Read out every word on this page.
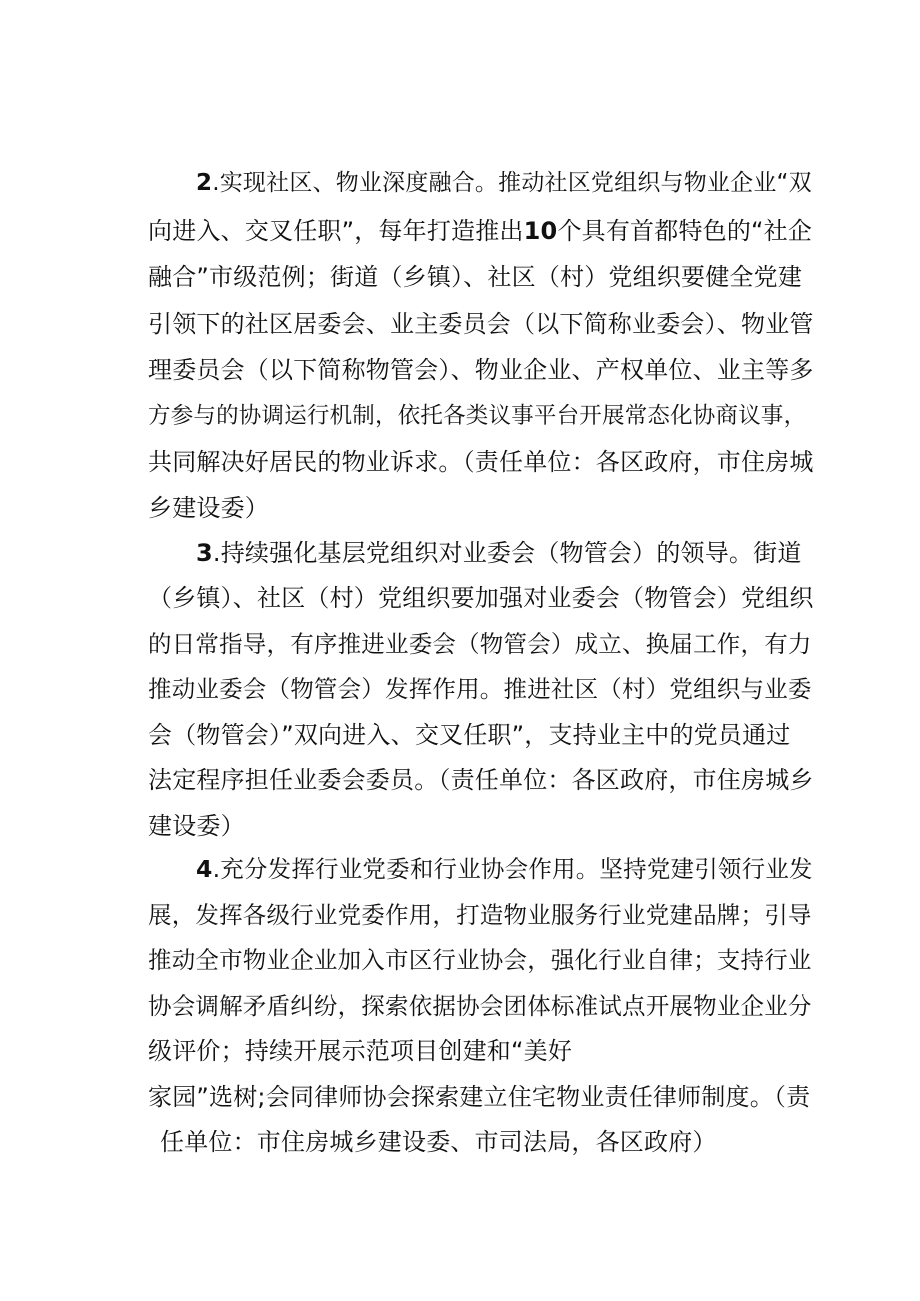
2.实现社区、物业深度融合。推动社区党组织与物业企业“双
向进入、交叉任职”，每年打造推出10个具有首都特色的“社企
融合”市级范例；街道（乡镇）、社区（村）党组织要健全党建
引领下的社区居委会、业主委员会（以下简称业委会）、物业管
理委员会（以下简称物管会）、物业企业、产权单位、业主等多
方参与的协调运行机制，依托各类议事平台开展常态化协商议事，
共同解决好居民的物业诉求。（责任单位：各区政府，市住房城
乡建设委）
3.持续强化基层党组织对业委会（物管会）的领导。街道
（乡镇）、社区（村）党组织要加强对业委会（物管会）党组织
的日常指导，有序推进业委会（物管会）成立、换届工作，有力
推动业委会（物管会）发挥作用。推进社区（村）党组织与业委
会（物管会）”双向进入、交叉任职”，支持业主中的党员通过
法定程序担任业委会委员。（责任单位：各区政府，市住房城乡
建设委）
4.充分发挥行业党委和行业协会作用。坚持党建引领行业发
展，发挥各级行业党委作用，打造物业服务行业党建品牌；引导
推动全市物业企业加入市区行业协会，强化行业自律；支持行业
协会调解矛盾纠纷，探索依据协会团体标准试点开展物业企业分
级评价；持续开展示范项目创建和“美好
家园”选树;会同律师协会探索建立住宅物业责任律师制度。（责
任单位：市住房城乡建设委、市司法局，各区政府）
